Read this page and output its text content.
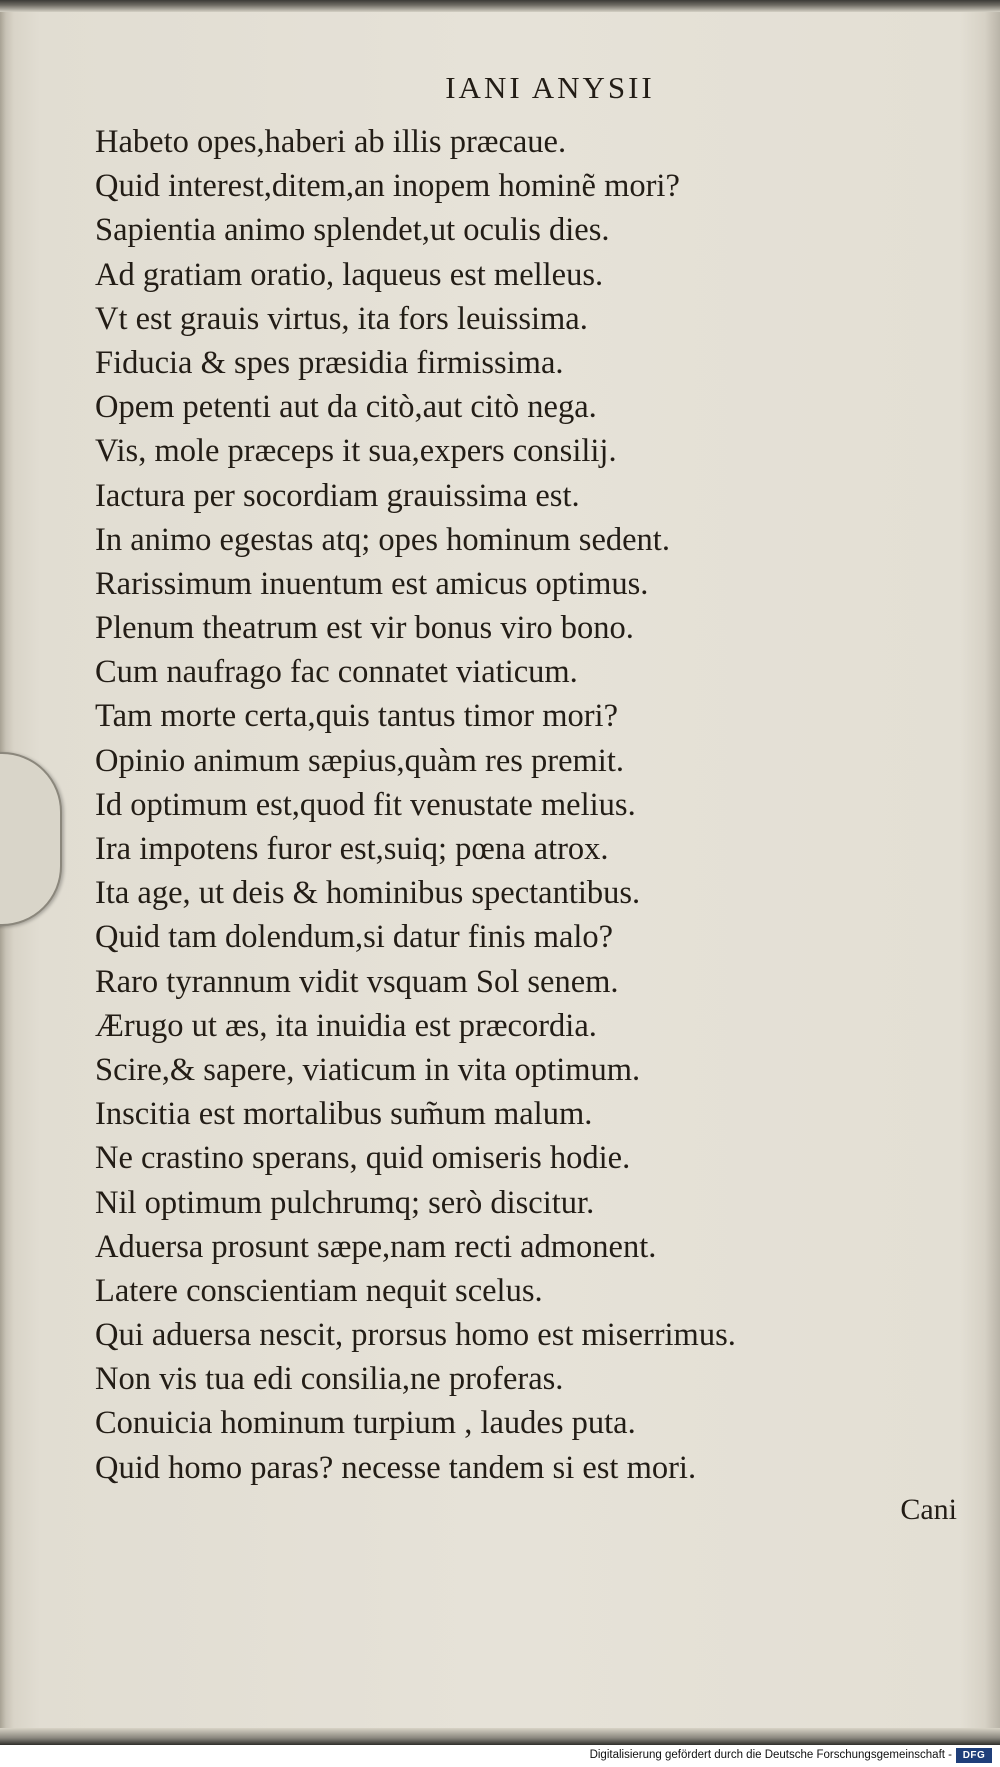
IANI ANYSII
Habeto opes,haberi ab illis præcaue.
Quid interest,ditem,an inopem hominẽ mori?
Sapientia animo splendet,ut oculis dies.
Ad gratiam oratio, laqueus est melleus.
Vt est grauis virtus, ita fors leuissima.
Fiducia & spes præsidia firmissima.
Opem petenti aut da citò,aut citò nega.
Vis, mole præceps it sua,expers consilij.
Iactura per socordiam grauissima est.
In animo egestas atq; opes hominum sedent.
Rarissimum inuentum est amicus optimus.
Plenum theatrum est vir bonus viro bono.
Cum naufrago fac connatet viaticum.
Tam morte certa,quis tantus timor mori?
Opinio animum sæpius,quàm res premit.
Id optimum est,quod fit venustate melius.
Ira impotens furor est,suiq; pœna atrox.
Ita age, ut deis & hominibus spectantibus.
Quid tam dolendum,si datur finis malo?
Raro tyrannum vidit vsquam Sol senem.
Ærugo ut æs, ita inuidia est præcordia.
Scire,& sapere, viaticum in vita optimum.
Inscitia est mortalibus sum̃um malum.
Ne crastino sperans, quid omiseris hodie.
Nil optimum pulchrumq; serò discitur.
Aduersa prosunt sæpe,nam recti admonent.
Latere conscientiam nequit scelus.
Qui aduersa nescit, prorsus homo est miserrimus.
Non vis tua edi consilia,ne proferas.
Conuicia hominum turpium , laudes puta.
Quid homo paras? necesse tandem si est mori.
Cani
Digitalisierung gefördert durch die Deutsche Forschungsgemeinschaft -	DFG
